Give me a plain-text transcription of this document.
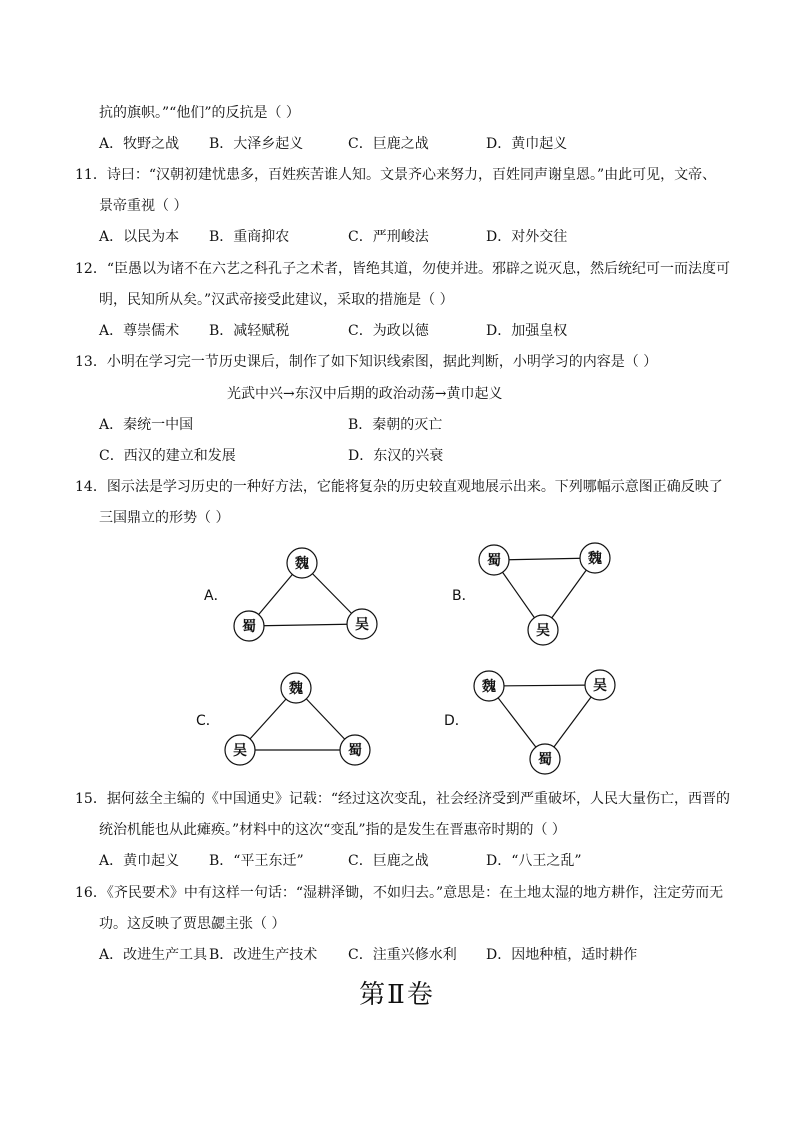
抗的旗帜。”“他们”的反抗是（ ）
A．牧野之战 B．大泽乡起义	C．巨鹿之战	D．黄巾起义
11．诗曰：“汉朝初建忧患多，百姓疾苦谁人知。文景齐心来努力，百姓同声谢皇恩。”由此可见，文帝、
景帝重视（ ）
A．以民为本 B．重商抑农	C．严刑峻法	D．对外交往
12．“臣愚以为诸不在六艺之科孔子之术者，皆绝其道，勿使并进。邪辟之说灭息，然后统纪可一而法度可
明，民知所从矣。”汉武帝接受此建议，采取的措施是（ ）
A．尊崇儒术 B．减轻赋税	C．为政以德	D．加强皇权
13．小明在学习完一节历史课后，制作了如下知识线索图，据此判断，小明学习的内容是（ ）
光武中兴→东汉中后期的政治动荡→黄巾起义
A．秦统一中国	B．秦朝的灭亡
C．西汉的建立和发展	D．东汉的兴衰
14．图示法是学习历史的一种好方法，它能将复杂的历史较直观地展示出来。下列哪幅示意图正确反映了
三国鼎立的形势（ ）
A．
魏
蜀	吴
B．
蜀	魏
吴
C．
魏
吴	蜀
D．
魏	吴
蜀
15．据何兹全主编的《中国通史》记载：“经过这次变乱，社会经济受到严重破坏，人民大量伤亡，西晋的
统治机能也从此瘫痪。”材料中的这次“变乱”指的是发生在晋惠帝时期的（ ）
A．黄巾起义 B．“平王东迁”	C．巨鹿之战	D．“八王之乱”
16．《齐民要术》中有这样一句话：“湿耕泽锄，不如归去。”意思是：在土地太湿的地方耕作，注定劳而无
功。这反映了贾思勰主张（ ）
A．改进生产工具 B．改进生产技术 C．注重兴修水利 D．因地种植，适时耕作
第Ⅱ卷
